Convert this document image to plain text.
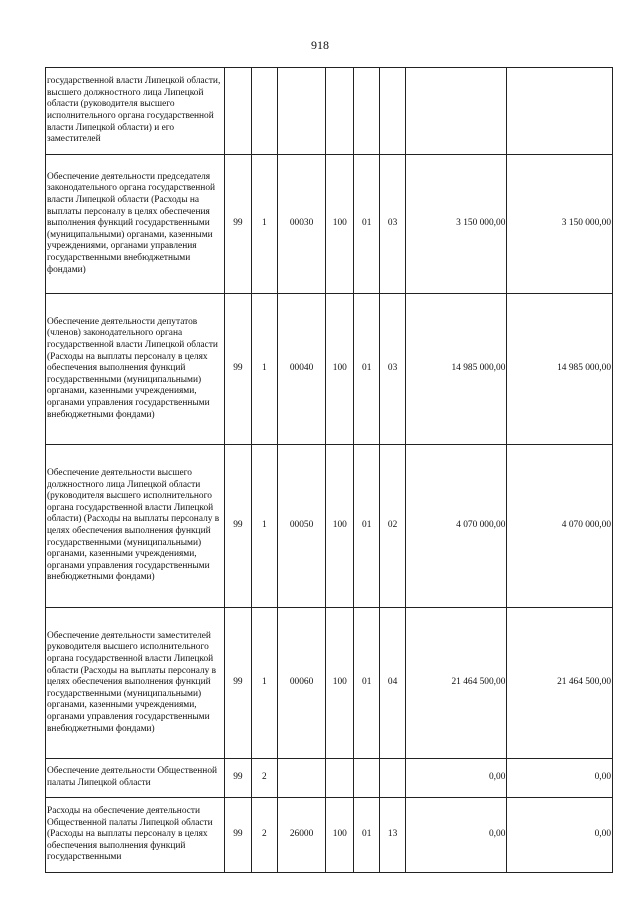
918
государственной власти Липецкой области, высшего должностного лица Липецкой области (руководителя высшего исполнительного органа государственной власти Липецкой области) и его заместителей								
Обеспечение деятельности председателя законодательного органа государственной власти Липецкой области (Расходы на выплаты персоналу в целях обеспечения выполнения функций государственными (муниципальными) органами, казенными учреждениями, органами управления государственными внебюджетными фондами)	99	1	00030	100	01	03	3 150 000,00	3 150 000,00
Обеспечение деятельности депутатов (членов) законодательного органа государственной власти Липецкой области (Расходы на выплаты персоналу в целях обеспечения выполнения функций государственными (муниципальными) органами, казенными учреждениями, органами управления государственными внебюджетными фондами)	99	1	00040	100	01	03	14 985 000,00	14 985 000,00
Обеспечение деятельности высшего должностного лица Липецкой области (руководителя высшего исполнительного органа государственной власти Липецкой области) (Расходы на выплаты персоналу в целях обеспечения выполнения функций государственными (муниципальными) органами, казенными учреждениями, органами управления государственными внебюджетными фондами)	99	1	00050	100	01	02	4 070 000,00	4 070 000,00
Обеспечение деятельности заместителей руководителя высшего исполнительного органа государственной власти Липецкой области (Расходы на выплаты персоналу в целях обеспечения выполнения функций государственными (муниципальными) органами, казенными учреждениями, органами управления государственными внебюджетными фондами)	99	1	00060	100	01	04	21 464 500,00	21 464 500,00
Обеспечение деятельности Общественной палаты Липецкой области	99	2					0,00	0,00
Расходы на обеспечение деятельности Общественной палаты Липецкой области (Расходы на выплаты персоналу в целях обеспечения выполнения функций государственными	99	2	26000	100	01	13	0,00	0,00
